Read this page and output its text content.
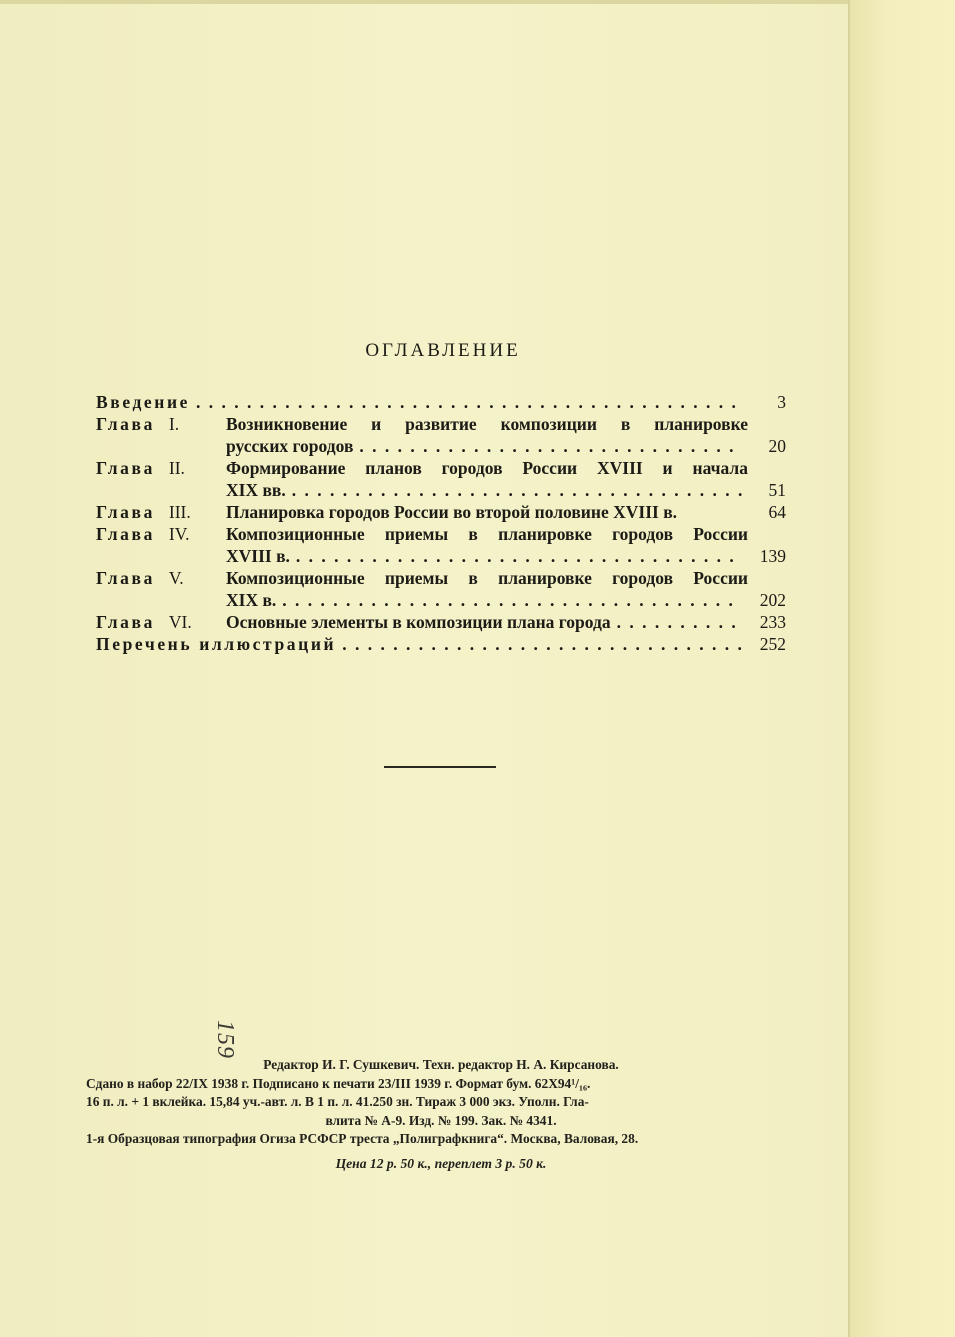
ОГЛАВЛЕНИЕ
Введение . . .	3
Глава I.	Возникновение и развитие композиции в планировке
русских городов . . .	20
Глава II.	Формирование планов городов России XVIII и начала
XIX вв. . . .	51
Глава III.	Планировка городов России во второй половине XVIII в.	64
Глава IV.	Композиционные приемы в планировке городов России
XVIII в. . . .	139
Глава V.	Композиционные приемы в планировке городов России
XIX в. . . .	202
Глава VI.	Основные элементы в композиции плана города . . .	233
Перечень иллюстраций . . .	252
159
Редактор И. Г. Сушкевич. Техн. редактор Н. А. Кирсанова.
Сдано в набор 22/IX 1938 г. Подписано к печати 23/III 1939 г. Формат бум. 62Х94¹/₁₆.
16 п. л. + 1 вклейка. 15,84 уч.-авт. л. В 1 п. л. 41.250 зн. Тираж 3 000 экз. Уполн. Гла-
влита № А-9. Изд. № 199. Зак. № 4341.
1-я Образцовая типография Огиза РСФСР треста „Полиграфкнига“. Москва, Валовая, 28.
Цена 12 р. 50 к., переплет 3 р. 50 к.
